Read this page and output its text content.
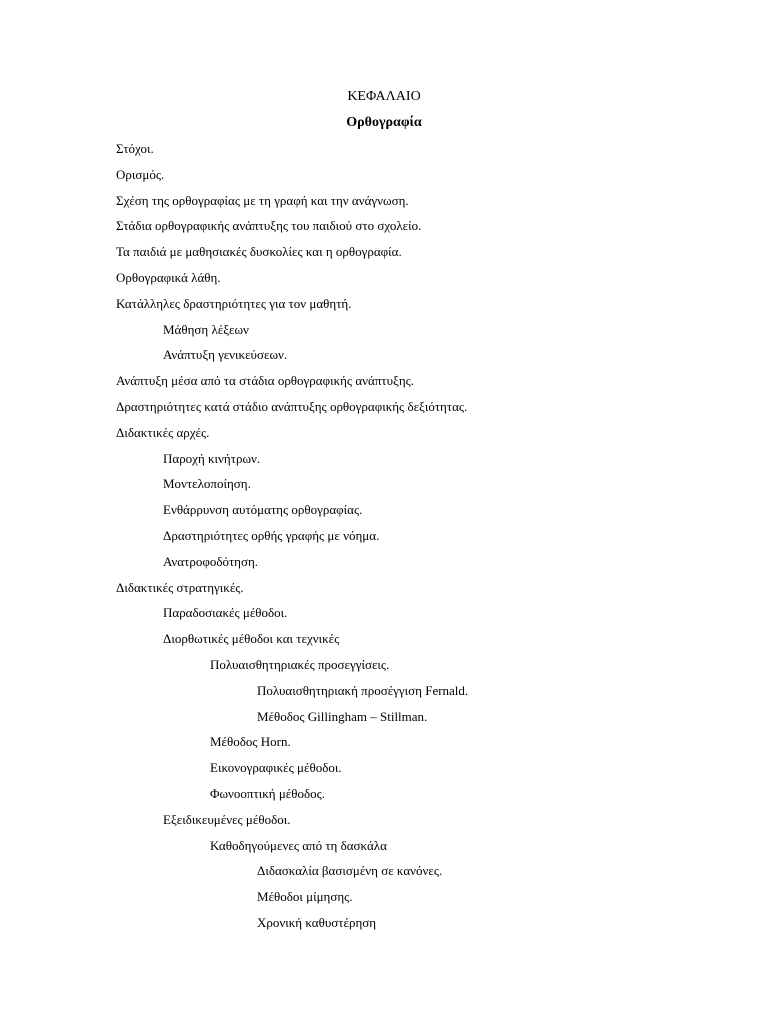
ΚΕΦΑΛΑΙΟ
Ορθογραφία
Στόχοι.
Ορισμός.
Σχέση της ορθογραφίας με τη γραφή και την ανάγνωση.
Στάδια ορθογραφικής ανάπτυξης του παιδιού στο σχολείο.
Τα παιδιά με μαθησιακές δυσκολίες και η ορθογραφία.
Ορθογραφικά λάθη.
Κατάλληλες δραστηριότητες για τον μαθητή.
Μάθηση λέξεων
Ανάπτυξη γενικεύσεων.
Ανάπτυξη μέσα από τα στάδια ορθογραφικής ανάπτυξης.
Δραστηριότητες κατά στάδιο ανάπτυξης ορθογραφικής δεξιότητας.
Διδακτικές αρχές.
Παροχή κινήτρων.
Μοντελοποίηση.
Ενθάρρυνση αυτόματης ορθογραφίας.
Δραστηριότητες ορθής γραφής με νόημα.
Ανατροφοδότηση.
Διδακτικές στρατηγικές.
Παραδοσιακές μέθοδοι.
Διορθωτικές μέθοδοι και τεχνικές
Πολυαισθητηριακές προσεγγίσεις.
Πολυαισθητηριακή προσέγγιση Fernald.
Μέθοδος Gillingham – Stillman.
Μέθοδος Horn.
Εικονογραφικές μέθοδοι.
Φωνοοπτική μέθοδος.
Εξειδικευμένες μέθοδοι.
Καθοδηγούμενες από τη δασκάλα
Διδασκαλία βασισμένη σε κανόνες.
Μέθοδοι μίμησης.
Χρονική καθυστέρηση
